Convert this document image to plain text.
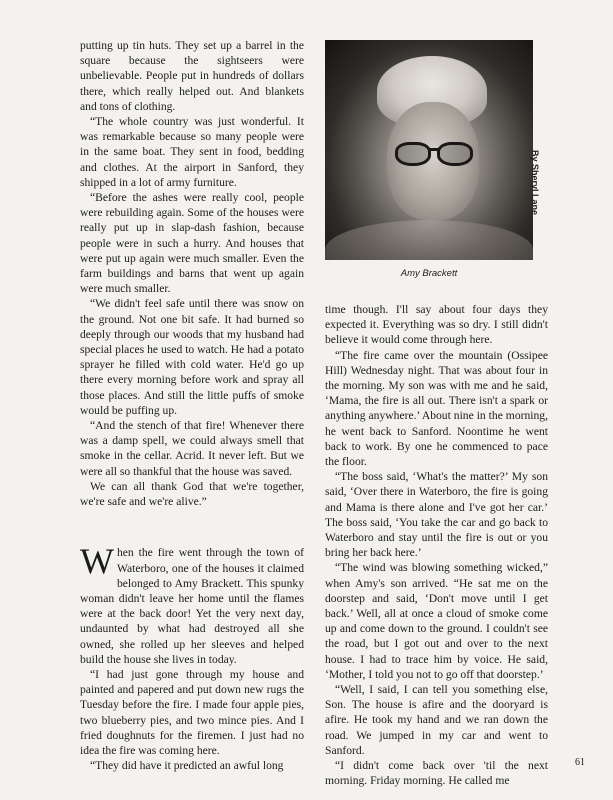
putting up tin huts. They set up a barrel in the square because the sightseers were unbelievable. People put in hundreds of dollars there, which really helped out. And blankets and tons of clothing.

“The whole country was just wonderful. It was remarkable because so many people were in the same boat. They sent in food, bedding and clothes. At the airport in Sanford, they shipped in a lot of army furniture.

“Before the ashes were really cool, people were rebuilding again. Some of the houses were really put up in slap-dash fashion, because people were in such a hurry. And houses that were put up again were much smaller. Even the farm buildings and barns that went up again were much smaller.

“We didn't feel safe until there was snow on the ground. Not one bit safe. It had burned so deeply through our woods that my husband had special places he used to watch. He had a potato sprayer he filled with cold water. He'd go up there every morning before work and spray all those places. And still the little puffs of smoke would be puffing up.

“And the stench of that fire! Whenever there was a damp spell, we could always smell that smoke in the cellar. Acrid. It never left. But we were all so thankful that the house was saved.

We can all thank God that we're together, we're safe and we're alive.”

When the fire went through the town of Waterboro, one of the houses it claimed belonged to Amy Brackett. This spunky woman didn't leave her home until the flames were at the back door! Yet the very next day, undaunted by what had destroyed all she owned, she rolled up her sleeves and helped build the house she lives in today.

“I had just gone through my house and painted and papered and put down new rugs the Tuesday before the fire. I made four apple pies, two blueberry pies, and two mince pies. And I fried doughnuts for the firemen. I just had no idea the fire was coming here.

“They did have it predicted an awful long

By Sheryl Lane
Amy Brackett

time though. I'll say about four days they expected it. Everything was so dry. I still didn't believe it would come through here.

“The fire came over the mountain (Ossipee Hill) Wednesday night. That was about four in the morning. My son was with me and he said, ‘Mama, the fire is all out. There isn't a spark or anything anywhere.’ About nine in the morning, he went back to Sanford. Noontime he went back to work. By one he commenced to pace the floor.

“The boss said, ‘What's the matter?’ My son said, ‘Over there in Waterboro, the fire is going and Mama is there alone and I've got her car.’ The boss said, ‘You take the car and go back to Waterboro and stay until the fire is out or you bring her back here.’

“The wind was blowing something wicked,” when Amy's son arrived. “He sat me on the doorstep and said, ‘Don't move until I get back.’ Well, all at once a cloud of smoke come up and come down to the ground. I couldn't see the road, but I got out and over to the next house. I had to trace him by voice. He said, ‘Mother, I told you not to go off that doorstep.’

“Well, I said, I can tell you something else, Son. The house is afire and the dooryard is afire. He took my hand and we ran down the road. We jumped in my car and went to Sanford.

“I didn't come back over 'til the next morning. Friday morning. He called me

61
